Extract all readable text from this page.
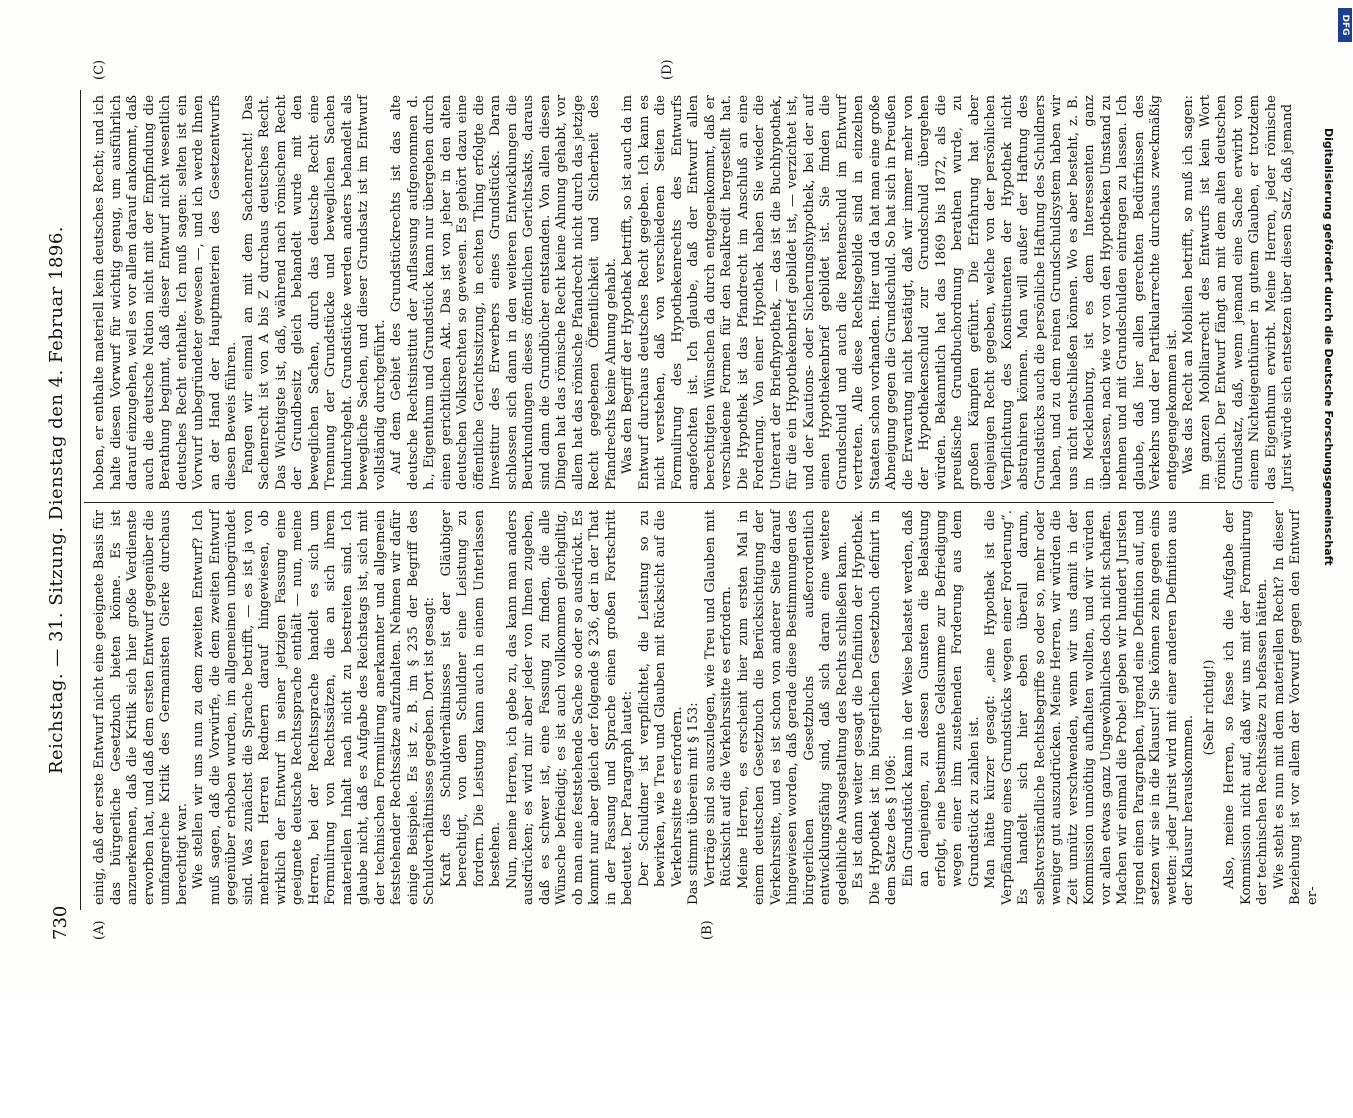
730
Reichstag. — 31. Sitzung. Dienstag den 4. Februar 1896.
(A)	(B)
(C)	(D)

einig, daß der erste Entwurf nicht eine geeignete Basis für das bürgerliche Gesetzbuch bieten könne. Es ist anzuerkennen, daß die Kritik sich hier große Verdienste erworben hat, und daß dem ersten Entwurf gegenüber die umfangreiche Kritik des Germanisten Gierke durchaus berechtigt war. Wie stellen wir uns nun zu dem zweiten Entwurf? Ich muß sagen, daß die Vorwürfe, die dem zweiten Entwurf gegenüber erhoben wurden, im allgemeinen unbegründet sind. Was zunächst die Sprache betrifft, — es ist ja von mehreren Herren Rednern darauf hingewiesen, ob wirklich der Entwurf in seiner jetzigen Fassung eine geeignete deutsche Rechtssprache enthält — nun, meine Herren, bei der Rechtssprache handelt es sich um Formulirung von Rechtssätzen, die an sich ihrem materiellen Inhalt nach nicht zu bestreiten sind. Ich glaube nicht, daß es Aufgabe des Reichstags ist, sich mit der technischen Formulirung anerkannter und allgemein feststehender Rechtssätze aufzuhalten. Nehmen wir dafür einige Beispiele. Es ist z. B. im § 235 der Begriff des Schuldverhältnisses gegeben. Dort ist gesagt: Kraft des Schuldverhältnisses ist der Gläubiger berechtigt, von dem Schuldner eine Leistung zu fordern. Die Leistung kann auch in einem Unterlassen bestehen. Nun, meine Herren, ich gebe zu, das kann man anders ausdrücken; es wird mir aber jeder von Ihnen zugeben, daß es schwer ist, eine Fassung zu finden, die alle Wünsche befriedigt; es ist auch vollkommen gleichgiltig, ob man eine feststehende Sache so oder so ausdrückt. Es kommt nur aber gleich der folgende § 236, der in der That in der Fassung und Sprache einen großen Fortschritt bedeutet. Der Paragraph lautet: Der Schuldner ist verpflichtet, die Leistung so zu bewirken, wie Treu und Glauben mit Rücksicht auf die Verkehrssitte es erfordern. Das stimmt überein mit § 153: Verträge sind so auszulegen, wie Treu und Glauben mit Rücksicht auf die Verkehrssitte es erfordern. Meine Herren, es erscheint hier zum ersten Mal in einem deutschen Gesetzbuch die Berücksichtigung der Verkehrssitte, und es ist schon von anderer Seite darauf hingewiesen worden, daß gerade diese Bestimmungen des bürgerlichen Gesetzbuchs außerordentlich entwicklungsfähig sind, daß sich daran eine weitere gedeihliche Ausgestaltung des Rechts schließen kann. Es ist dann weiter gesagt die Definition der Hypothek. Die Hypothek ist im bürgerlichen Gesetzbuch definirt in dem Satze des § 1096: Ein Grundstück kann in der Weise belastet werden, daß an denjenigen, zu dessen Gunsten die Belastung erfolgt, eine bestimmte Geldsumme zur Befriedigung wegen einer ihm zustehenden Forderung aus dem Grundstück zu zahlen ist. Man hätte kürzer gesagt: „eine Hypothek ist die Verpfändung eines Grundstücks wegen einer Forderung“. Es handelt sich hier eben überall darum, selbstverständliche Rechtsbegriffe so oder so, mehr oder weniger gut auszudrücken. Meine Herren, wir würden die Zeit unnütz verschwenden, wenn wir uns damit in der Kommission unnöthig aufhalten wollten, und wir würden vor allen etwas ganz Ungewöhnliches doch nicht schaffen. Machen wir einmal die Probe! geben wir hundert Juristen irgend einen Paragraphen, irgend eine Definition auf, und setzen wir sie in die Klausur! Sie können zehn gegen eins wetten: jeder Jurist wird mit einer anderen Definition aus der Klausur herauskommen.

(Sehr richtig!) Also, meine Herren, so fasse ich die Aufgabe der Kommission nicht auf, daß wir uns mit der Formulirung der technischen Rechtssätze zu befassen hätten. Wie steht es nun mit dem materiellen Recht? In dieser Beziehung ist vor allem der Vorwurf gegen den Entwurf er-

hoben, er enthalte materiell kein deutsches Recht; und ich halte diesen Vorwurf für wichtig genug, um ausführlich darauf einzugehen, weil es vor allem darauf ankommt, daß auch die deutsche Nation nicht mit der Empfindung die Berathung beginnt, daß dieser Entwurf nicht wesentlich deutsches Recht enthalte. Ich muß sagen: selten ist ein Vorwurf unbegründeter gewesen —, und ich werde Ihnen an der Hand der Hauptmaterien des Gesetzentwurfs diesen Beweis führen. Fangen wir einmal an mit dem Sachenrecht! Das Sachenrecht ist von A bis Z durchaus deutsches Recht. Das Wichtigste ist, daß, während nach römischem Recht der Grundbesitz gleich behandelt wurde mit den beweglichen Sachen, durch das deutsche Recht eine Trennung der Grundstücke und beweglichen Sachen hindurchgeht. Grundstücke werden anders behandelt als bewegliche Sachen, und dieser Grundsatz ist im Entwurf vollständig durchgeführt. Auf dem Gebiet des Grundstückrechts ist das alte deutsche Rechtsinstitut der Auflassung aufgenommen d. h., Eigenthum und Grundstück kann nur übergehen durch einen gerichtlichen Akt. Das ist von jeher in den alten deutschen Volksrechten so gewesen. Es gehört dazu eine öffentliche Gerichtssitzung, in echten Thing erfolgte die Investitur des Erwerbers eines Grundstücks. Daran schlossen sich dann in den weiteren Entwicklungen die Beurkundungen dieses öffentlichen Gerichtsakts, daraus sind dann die Grundbücher entstanden. Von allen diesen Dingen hat das römische Recht keine Ahnung gehabt, vor allem hat das römische Pfandrecht nicht durch das jetzige Recht gegebenen Öffentlichkeit und Sicherheit des Pfandrechts keine Ahnung gehabt. Was den Begriff der Hypothek betrifft, so ist auch da im Entwurf durchaus deutsches Recht gegeben. Ich kann es nicht verstehen, daß von verschiedenen Seiten die Formulirung des Hypothekenrechts des Entwurfs angefochten ist. Ich glaube, daß der Entwurf allen berechtigten Wünschen da durch entgegenkommt, daß er verschiedene Formen für den Realkredit hergestellt hat. Die Hypothek ist das Pfandrecht im Anschluß an eine Forderung. Von einer Hypothek haben Sie wieder die Unterart der Briefhypothek, — das ist die Buchhypothek, für die ein Hypothekenbrief gebildet ist, — verzichtet ist, und der Kautions- oder Sicherungshypothek, bei der auf einen Hypothekenbrief gebildet ist. Sie finden die Grundschuld und auch die Rentenschuld im Entwurf vertreten. Alle diese Rechtsgebilde sind in einzelnen Staaten schon vorhanden. Hier und da hat man eine große Abneigung gegen die Grundschuld. So hat sich in Preußen die Erwartung nicht bestätigt, daß wir immer mehr von der Hypothekenschuld zur Grundschuld übergehen würden. Bekanntlich hat das 1869 bis 1872, als die preußische Grundbuchordnung berathen wurde, zu großen Kämpfen geführt. Die Erfahrung hat aber denjenigen Recht gegeben, welche von der persönlichen Verpflichtung des Konstituenten der Hypothek nicht abstrahiren können. Man will außer der Haftung des Grundstücks auch die persönliche Haftung des Schuldners haben, und zu dem reinen Grundschuldsystem haben wir uns nicht entschließen können. Wo es aber besteht, z. B. in Mecklenburg, ist es dem Interessenten ganz überlassen, nach wie vor von den Hypotheken Umstand zu nehmen und mit Grundschulden eintragen zu lassen. Ich glaube, daß hier allen gerechten Bedürfnissen des Verkehrs und der Partikularrechte durchaus zweckmäßig entgegengekommen ist. Was das Recht an Mobilien betrifft, so muß ich sagen: im ganzen Mobiliarrecht des Entwurfs ist kein Wort römisch. Der Entwurf fängt an mit dem alten deutschen Grundsatz, daß, wenn jemand eine Sache erwirbt von einem Nichteigenthümer in gutem Glauben, er trotzdem das Eigenthum erwirbt. Meine Herren, jeder römische Jurist würde sich entsetzen über diesen Satz, daß jemand

DFG
Digitalisierung gefördert durch die Deutsche Forschungsgemeinschaft
